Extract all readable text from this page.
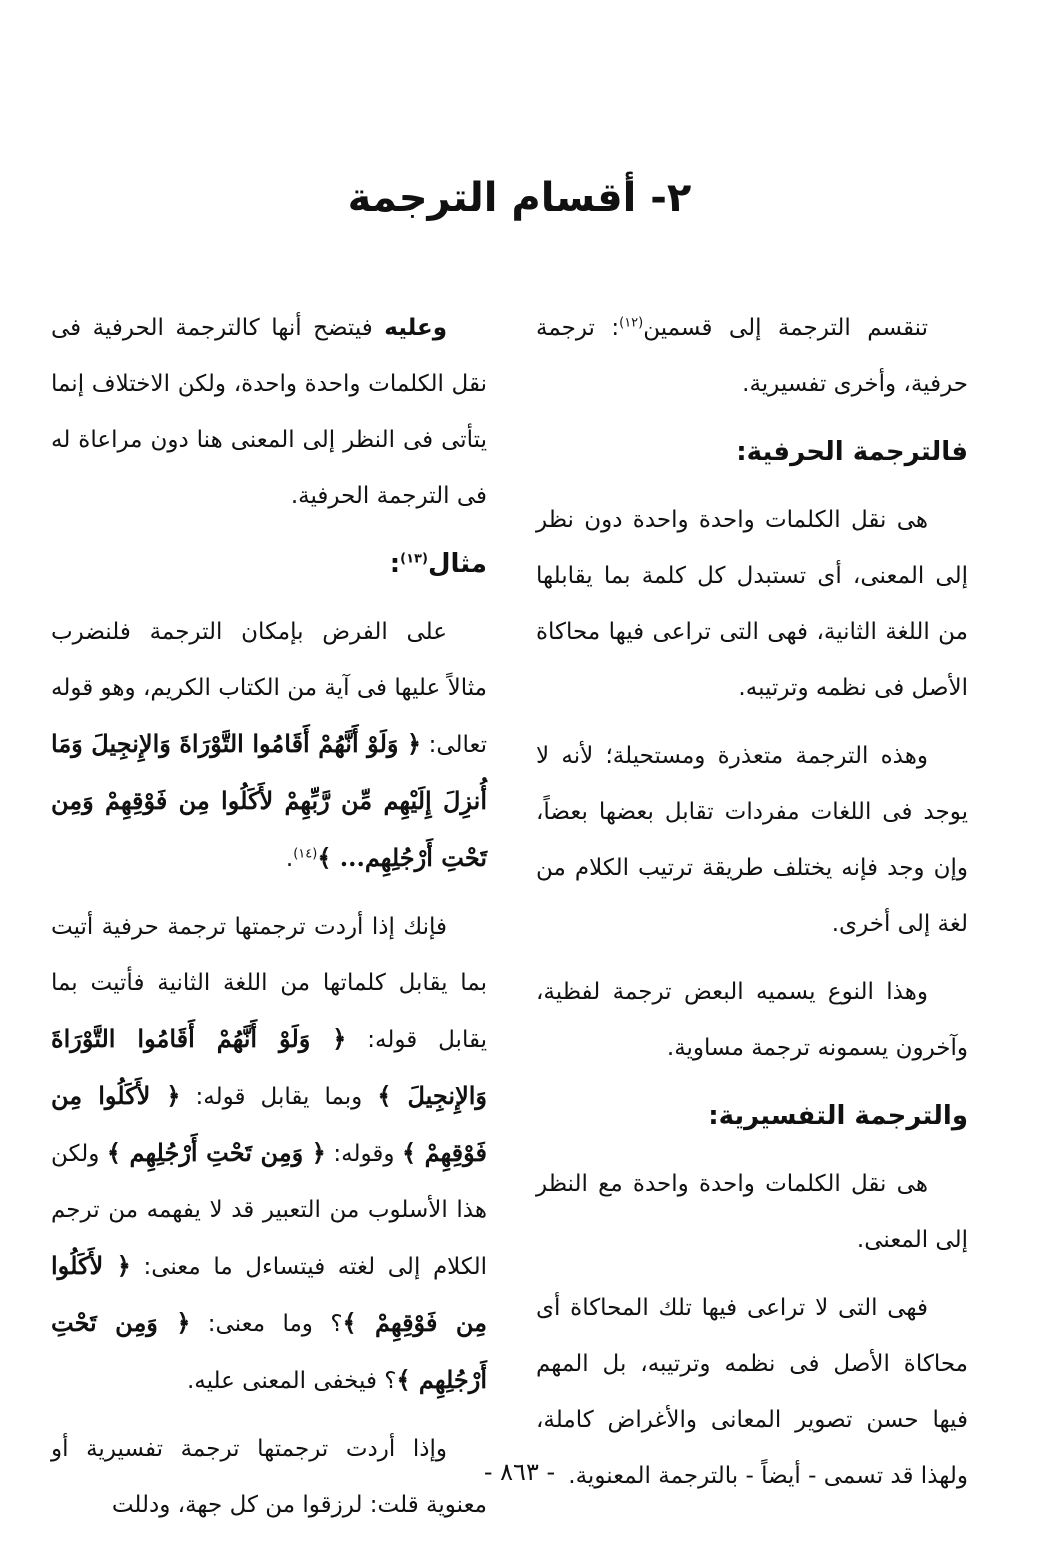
٢- أقسام الترجمة

تنقسم الترجمة إلى قسمين$^{(١٢)}$: ترجمة حرفية، وأخرى تفسيرية.

فالترجمة الحرفية:

هى نقل الكلمات واحدة واحدة دون نظر إلى المعنى، أى تستبدل كل كلمة بما يقابلها من اللغة الثانية، فهى التى تراعى فيها محاكاة الأصل فى نظمه وترتيبه.

وهذه الترجمة متعذرة ومستحيلة؛ لأنه لا يوجد فى اللغات مفردات تقابل بعضها بعضاً، وإن وجد فإنه يختلف طريقة ترتيب الكلام من لغة إلى أخرى.

وهذا النوع يسميه البعض ترجمة لفظية، وآخرون يسمونه ترجمة مساوية.

والترجمة التفسيرية:

هى نقل الكلمات واحدة واحدة مع النظر إلى المعنى.

فهى التى لا تراعى فيها تلك المحاكاة أى محاكاة الأصل فى نظمه وترتيبه، بل المهم فيها حسن تصوير المعانى والأغراض كاملة، ولهذا قد تسمى - أيضاً - بالترجمة المعنوية.

وعليه فيتضح أنها كالترجمة الحرفية فى نقل الكلمات واحدة واحدة، ولكن الاختلاف إنما يتأتى فى النظر إلى المعنى هنا دون مراعاة له فى الترجمة الحرفية.

مثال$^{(١٣)}$:

على الفرض بإمكان الترجمة فلنضرب مثالاً عليها فى آية من الكتاب الكريم، وهو قوله تعالى: ﴿ وَلَوْ أَنَّهُمْ أَقَامُوا التَّوْرَاةَ وَالإِنجِيلَ وَمَا أُنزِلَ إِلَيْهِم مِّن رَّبِّهِمْ لأَكَلُوا مِن فَوْقِهِمْ وَمِن تَحْتِ أَرْجُلِهِم... ﴾$^{(١٤)}$.

فإنك إذا أردت ترجمتها ترجمة حرفية أتيت بما يقابل كلماتها من اللغة الثانية فأتيت بما يقابل قوله: ﴿ وَلَوْ أَنَّهُمْ أَقَامُوا التَّوْرَاةَ وَالإِنجِيلَ ﴾ وبما يقابل قوله: ﴿ لأَكَلُوا مِن فَوْقِهِمْ ﴾ وقوله: ﴿ وَمِن تَحْتِ أَرْجُلِهِم ﴾ ولكن هذا الأسلوب من التعبير قد لا يفهمه من ترجم الكلام إلى لغته فيتساءل ما معنى: ﴿ لأَكَلُوا مِن فَوْقِهِمْ ﴾؟ وما معنى: ﴿ وَمِن تَحْتِ أَرْجُلِهِم ﴾؟ فيخفى المعنى عليه.

وإذا أردت ترجمتها ترجمة تفسيرية أو معنوية قلت: لرزقوا من كل جهة، ودللت

- ٨٦٣ -
